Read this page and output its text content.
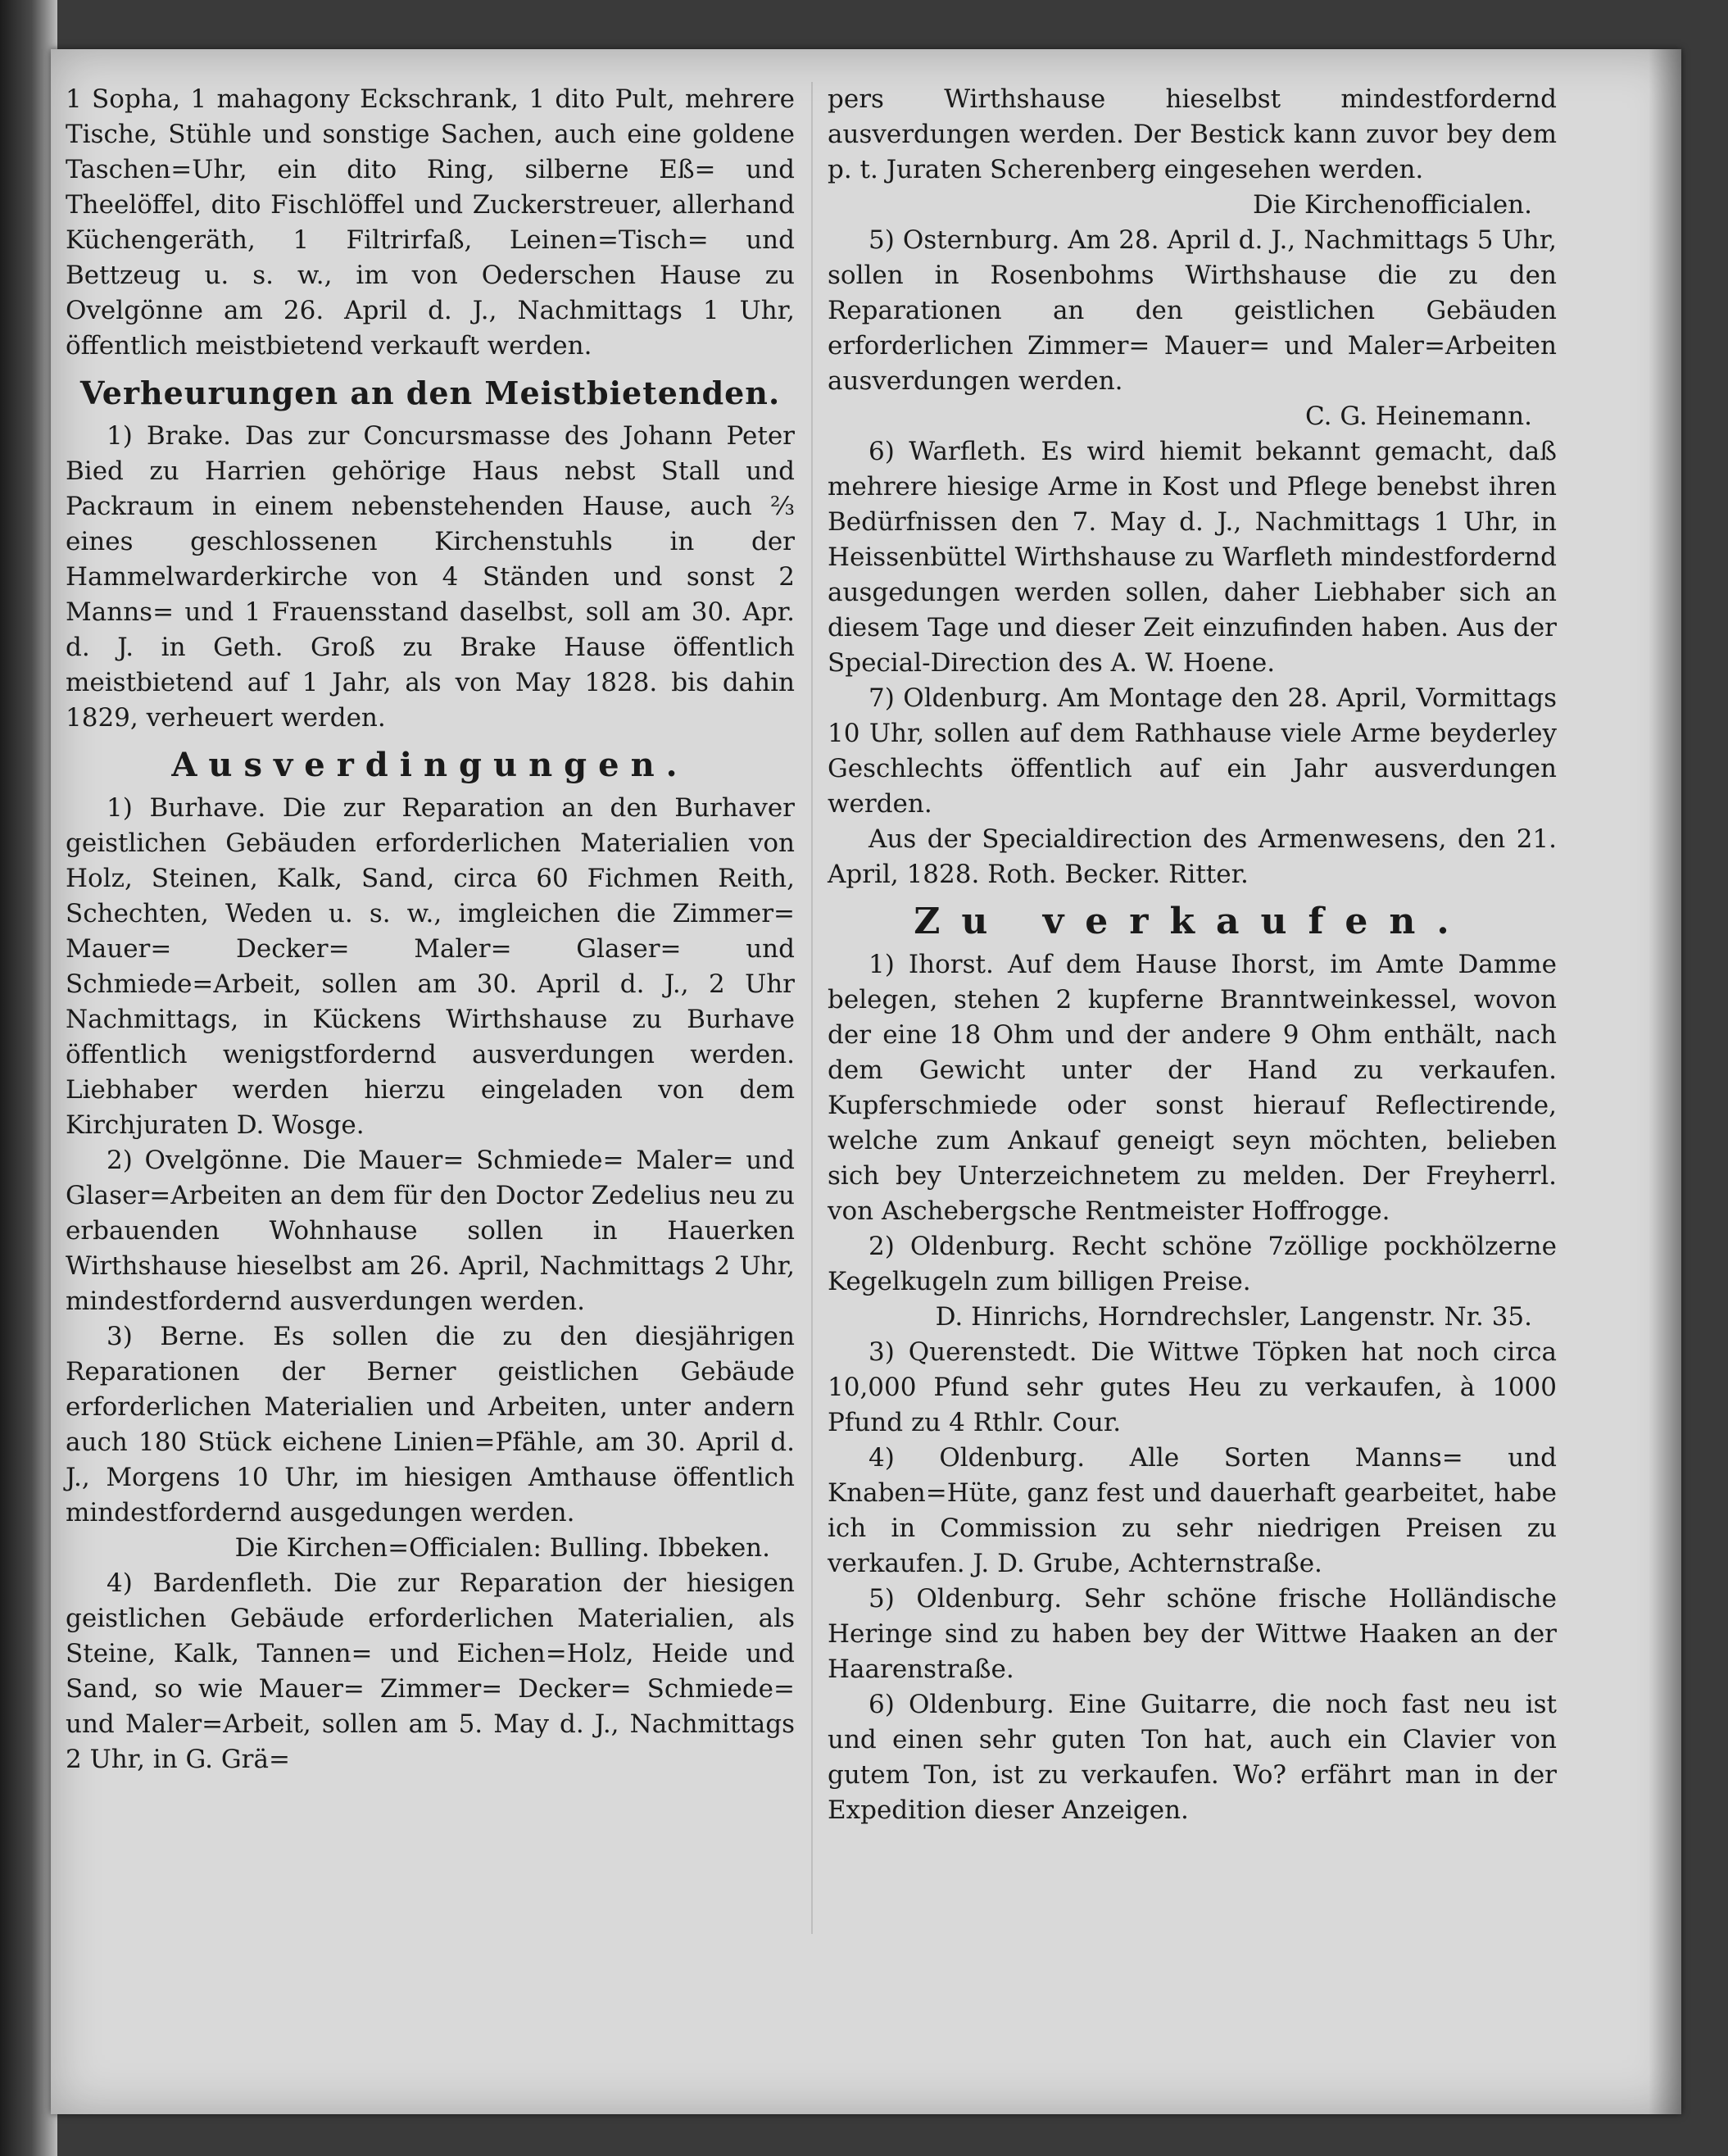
1 Sopha, 1 mahagony Eckschrank, 1 dito Pult, mehrere Tische, Stühle und sonstige Sachen, auch eine goldene Taschen=Uhr, ein dito Ring, silberne Eß= und Theelöffel, dito Fischlöffel und Zuckerstreuer, allerhand Küchengeräth, 1 Filtrirfaß, Leinen=Tisch= und Bettzeug u. s. w., im von Oederschen Hause zu Ovelgönne am 26. April d. J., Nachmittags 1 Uhr, öffentlich meistbietend verkauft werden.

Verheurungen an den Meistbietenden.

1) Brake. Das zur Concursmasse des Johann Peter Bied zu Harrien gehörige Haus nebst Stall und Packraum in einem nebenstehenden Hause, auch ⅔ eines geschlossenen Kirchenstuhls in der Hammelwarderkirche von 4 Ständen und sonst 2 Manns= und 1 Frauensstand daselbst, soll am 30. Apr. d. J. in Geth. Groß zu Brake Hause öffentlich meistbietend auf 1 Jahr, als von May 1828. bis dahin 1829, verheuert werden.

Ausverdingungen.

1) Burhave. Die zur Reparation an den Burhaver geistlichen Gebäuden erforderlichen Materialien von Holz, Steinen, Kalk, Sand, circa 60 Fichmen Reith, Schechten, Weden u. s. w., imgleichen die Zimmer= Mauer= Decker= Maler= Glaser= und Schmiede=Arbeit, sollen am 30. April d. J., 2 Uhr Nachmittags, in Kückens Wirthshause zu Burhave öffentlich wenigstfordernd ausverdungen werden. Liebhaber werden hierzu eingeladen von dem Kirchjuraten D. Wosge.

2) Ovelgönne. Die Mauer= Schmiede= Maler= und Glaser=Arbeiten an dem für den Doctor Zedelius neu zu erbauenden Wohnhause sollen in Hauerken Wirthshause hieselbst am 26. April, Nachmittags 2 Uhr, mindestfordernd ausverdungen werden.

3) Berne. Es sollen die zu den diesjährigen Reparationen der Berner geistlichen Gebäude erforderlichen Materialien und Arbeiten, unter andern auch 180 Stück eichene Linien=Pfähle, am 30. April d. J., Morgens 10 Uhr, im hiesigen Amthause öffentlich mindestfordernd ausgedungen werden.

Die Kirchen=Officialen: Bulling. Ibbeken.

4) Bardenfleth. Die zur Reparation der hiesigen geistlichen Gebäude erforderlichen Materialien, als Steine, Kalk, Tannen= und Eichen=Holz, Heide und Sand, so wie Mauer= Zimmer= Decker= Schmiede= und Maler=Arbeit, sollen am 5. May d. J., Nachmittags 2 Uhr, in G. Grä=

pers Wirthshause hieselbst mindestfordernd ausverdungen werden. Der Bestick kann zuvor bey dem p. t. Juraten Scherenberg eingesehen werden.

Die Kirchenofficialen.

5) Osternburg. Am 28. April d. J., Nachmittags 5 Uhr, sollen in Rosenbohms Wirthshause die zu den Reparationen an den geistlichen Gebäuden erforderlichen Zimmer= Mauer= und Maler=Arbeiten ausverdungen werden.

C. G. Heinemann.

6) Warfleth. Es wird hiemit bekannt gemacht, daß mehrere hiesige Arme in Kost und Pflege benebst ihren Bedürfnissen den 7. May d. J., Nachmittags 1 Uhr, in Heissenbüttel Wirthshause zu Warfleth mindestfordernd ausgedungen werden sollen, daher Liebhaber sich an diesem Tage und dieser Zeit einzufinden haben. Aus der Special-Direction des A. W. Hoene.

7) Oldenburg. Am Montage den 28. April, Vormittags 10 Uhr, sollen auf dem Rathhause viele Arme beyderley Geschlechts öffentlich auf ein Jahr ausverdungen werden.

Aus der Specialdirection des Armenwesens, den 21. April, 1828. Roth. Becker. Ritter.

Zu verkaufen.

1) Ihorst. Auf dem Hause Ihorst, im Amte Damme belegen, stehen 2 kupferne Branntweinkessel, wovon der eine 18 Ohm und der andere 9 Ohm enthält, nach dem Gewicht unter der Hand zu verkaufen. Kupferschmiede oder sonst hierauf Reflectirende, welche zum Ankauf geneigt seyn möchten, belieben sich bey Unterzeichnetem zu melden. Der Freyherrl. von Aschebergsche Rentmeister Hoffrogge.

2) Oldenburg. Recht schöne 7zöllige pockhölzerne Kegelkugeln zum billigen Preise.

D. Hinrichs, Horndrechsler, Langenstr. Nr. 35.

3) Querenstedt. Die Wittwe Töpken hat noch circa 10,000 Pfund sehr gutes Heu zu verkaufen, à 1000 Pfund zu 4 Rthlr. Cour.

4) Oldenburg. Alle Sorten Manns= und Knaben=Hüte, ganz fest und dauerhaft gearbeitet, habe ich in Commission zu sehr niedrigen Preisen zu verkaufen. J. D. Grube, Achternstraße.

5) Oldenburg. Sehr schöne frische Holländische Heringe sind zu haben bey der Wittwe Haaken an der Haarenstraße.

6) Oldenburg. Eine Guitarre, die noch fast neu ist und einen sehr guten Ton hat, auch ein Clavier von gutem Ton, ist zu verkaufen. Wo? erfährt man in der Expedition dieser Anzeigen.
